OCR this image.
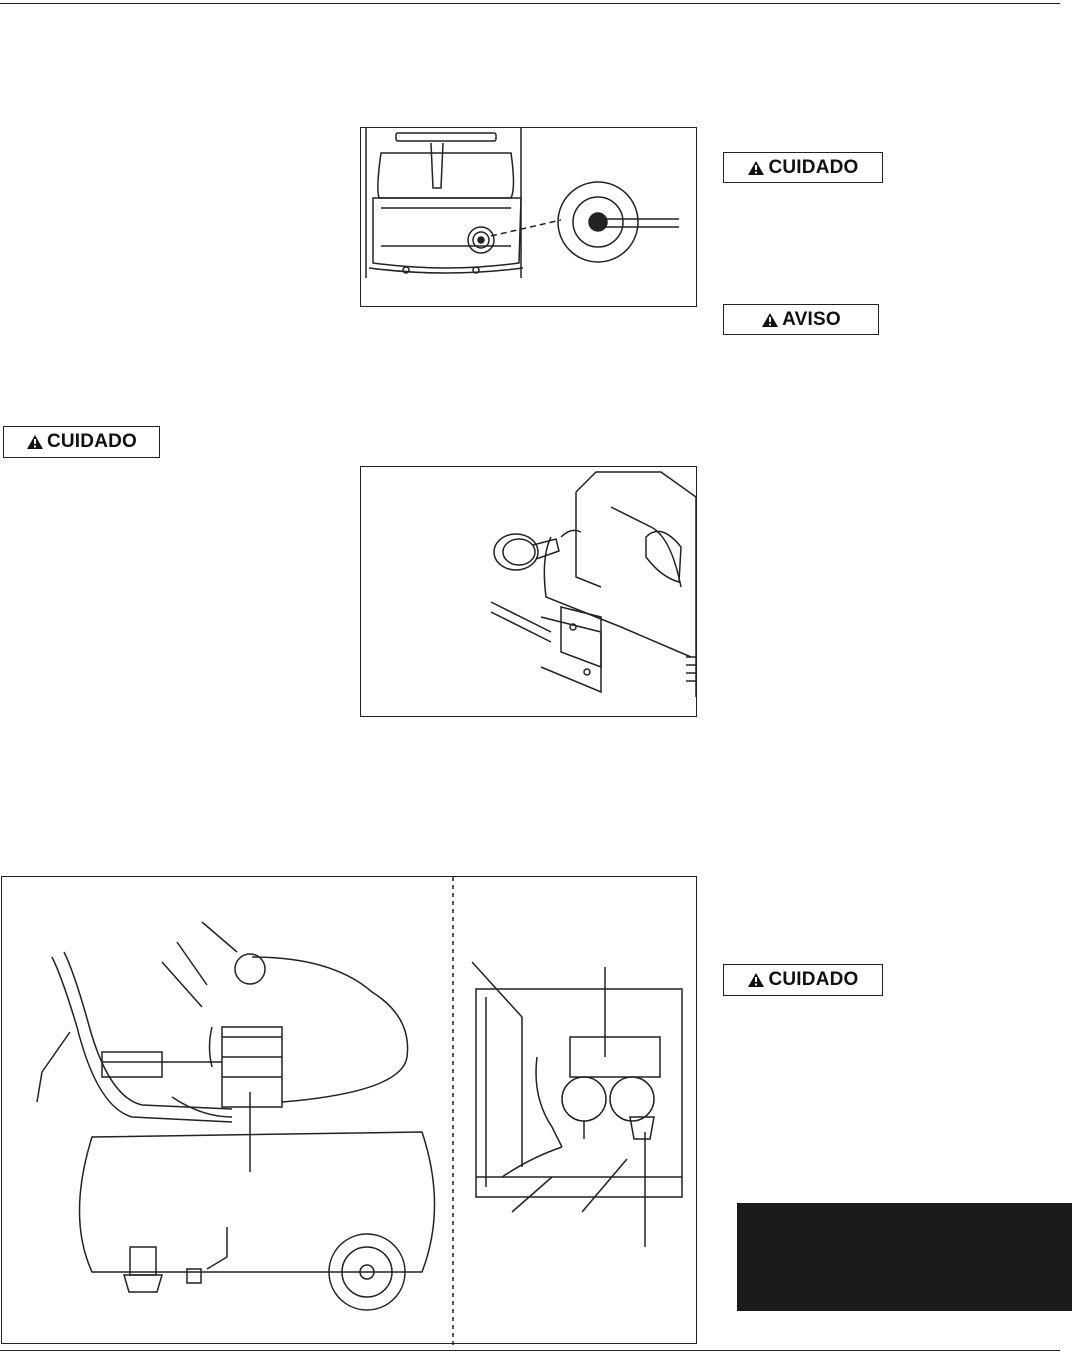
CUIDADO
AVISO
CUIDADO
CUIDADO
